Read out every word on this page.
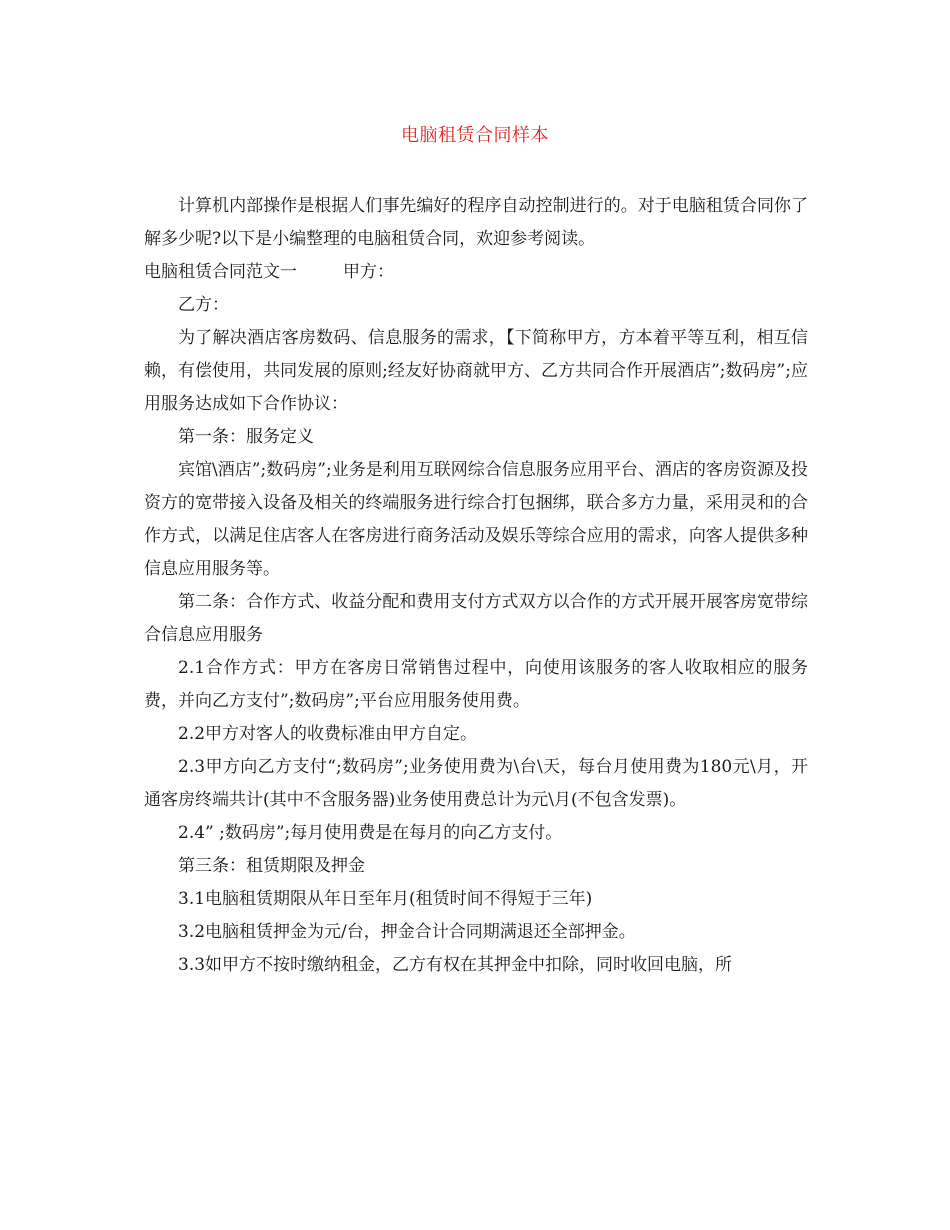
电脑租赁合同样本

计算机内部操作是根据人们事先编好的程序自动控制进行的。对于电脑租赁合同你了解多少呢?以下是小编整理的电脑租赁合同，欢迎参考阅读。

电脑租赁合同范文一	甲方：

乙方：

为了解决酒店客房数码、信息服务的需求，【下简称甲方，方本着平等互利，相互信赖，有偿使用，共同发展的原则;经友好协商就甲方、乙方共同合作开展酒店”;数码房”;应用服务达成如下合作协议：

第一条：服务定义

宾馆\酒店”;数码房”;业务是利用互联网综合信息服务应用平台、酒店的客房资源及投资方的宽带接入设备及相关的终端服务进行综合打包捆绑，联合多方力量，采用灵和的合作方式，以满足住店客人在客房进行商务活动及娱乐等综合应用的需求，向客人提供多种信息应用服务等。

第二条：合作方式、收益分配和费用支付方式双方以合作的方式开展开展客房宽带综合信息应用服务

2.1合作方式：甲方在客房日常销售过程中，向使用该服务的客人收取相应的服务费，并向乙方支付”;数码房”;平台应用服务使用费。

2.2甲方对客人的收费标准由甲方自定。

2.3甲方向乙方支付“;数码房”;业务使用费为\台\天，每台月使用费为180元\月，开通客房终端共计(其中不含服务器)业务使用费总计为元\月(不包含发票)。

2.4” ;数码房”;每月使用费是在每月的向乙方支付。

第三条：租赁期限及押金

3.1电脑租赁期限从年日至年月(租赁时间不得短于三年)

3.2电脑租赁押金为元/台，押金合计合同期满退还全部押金。

3.3如甲方不按时缴纳租金，乙方有权在其押金中扣除，同时收回电脑，所
